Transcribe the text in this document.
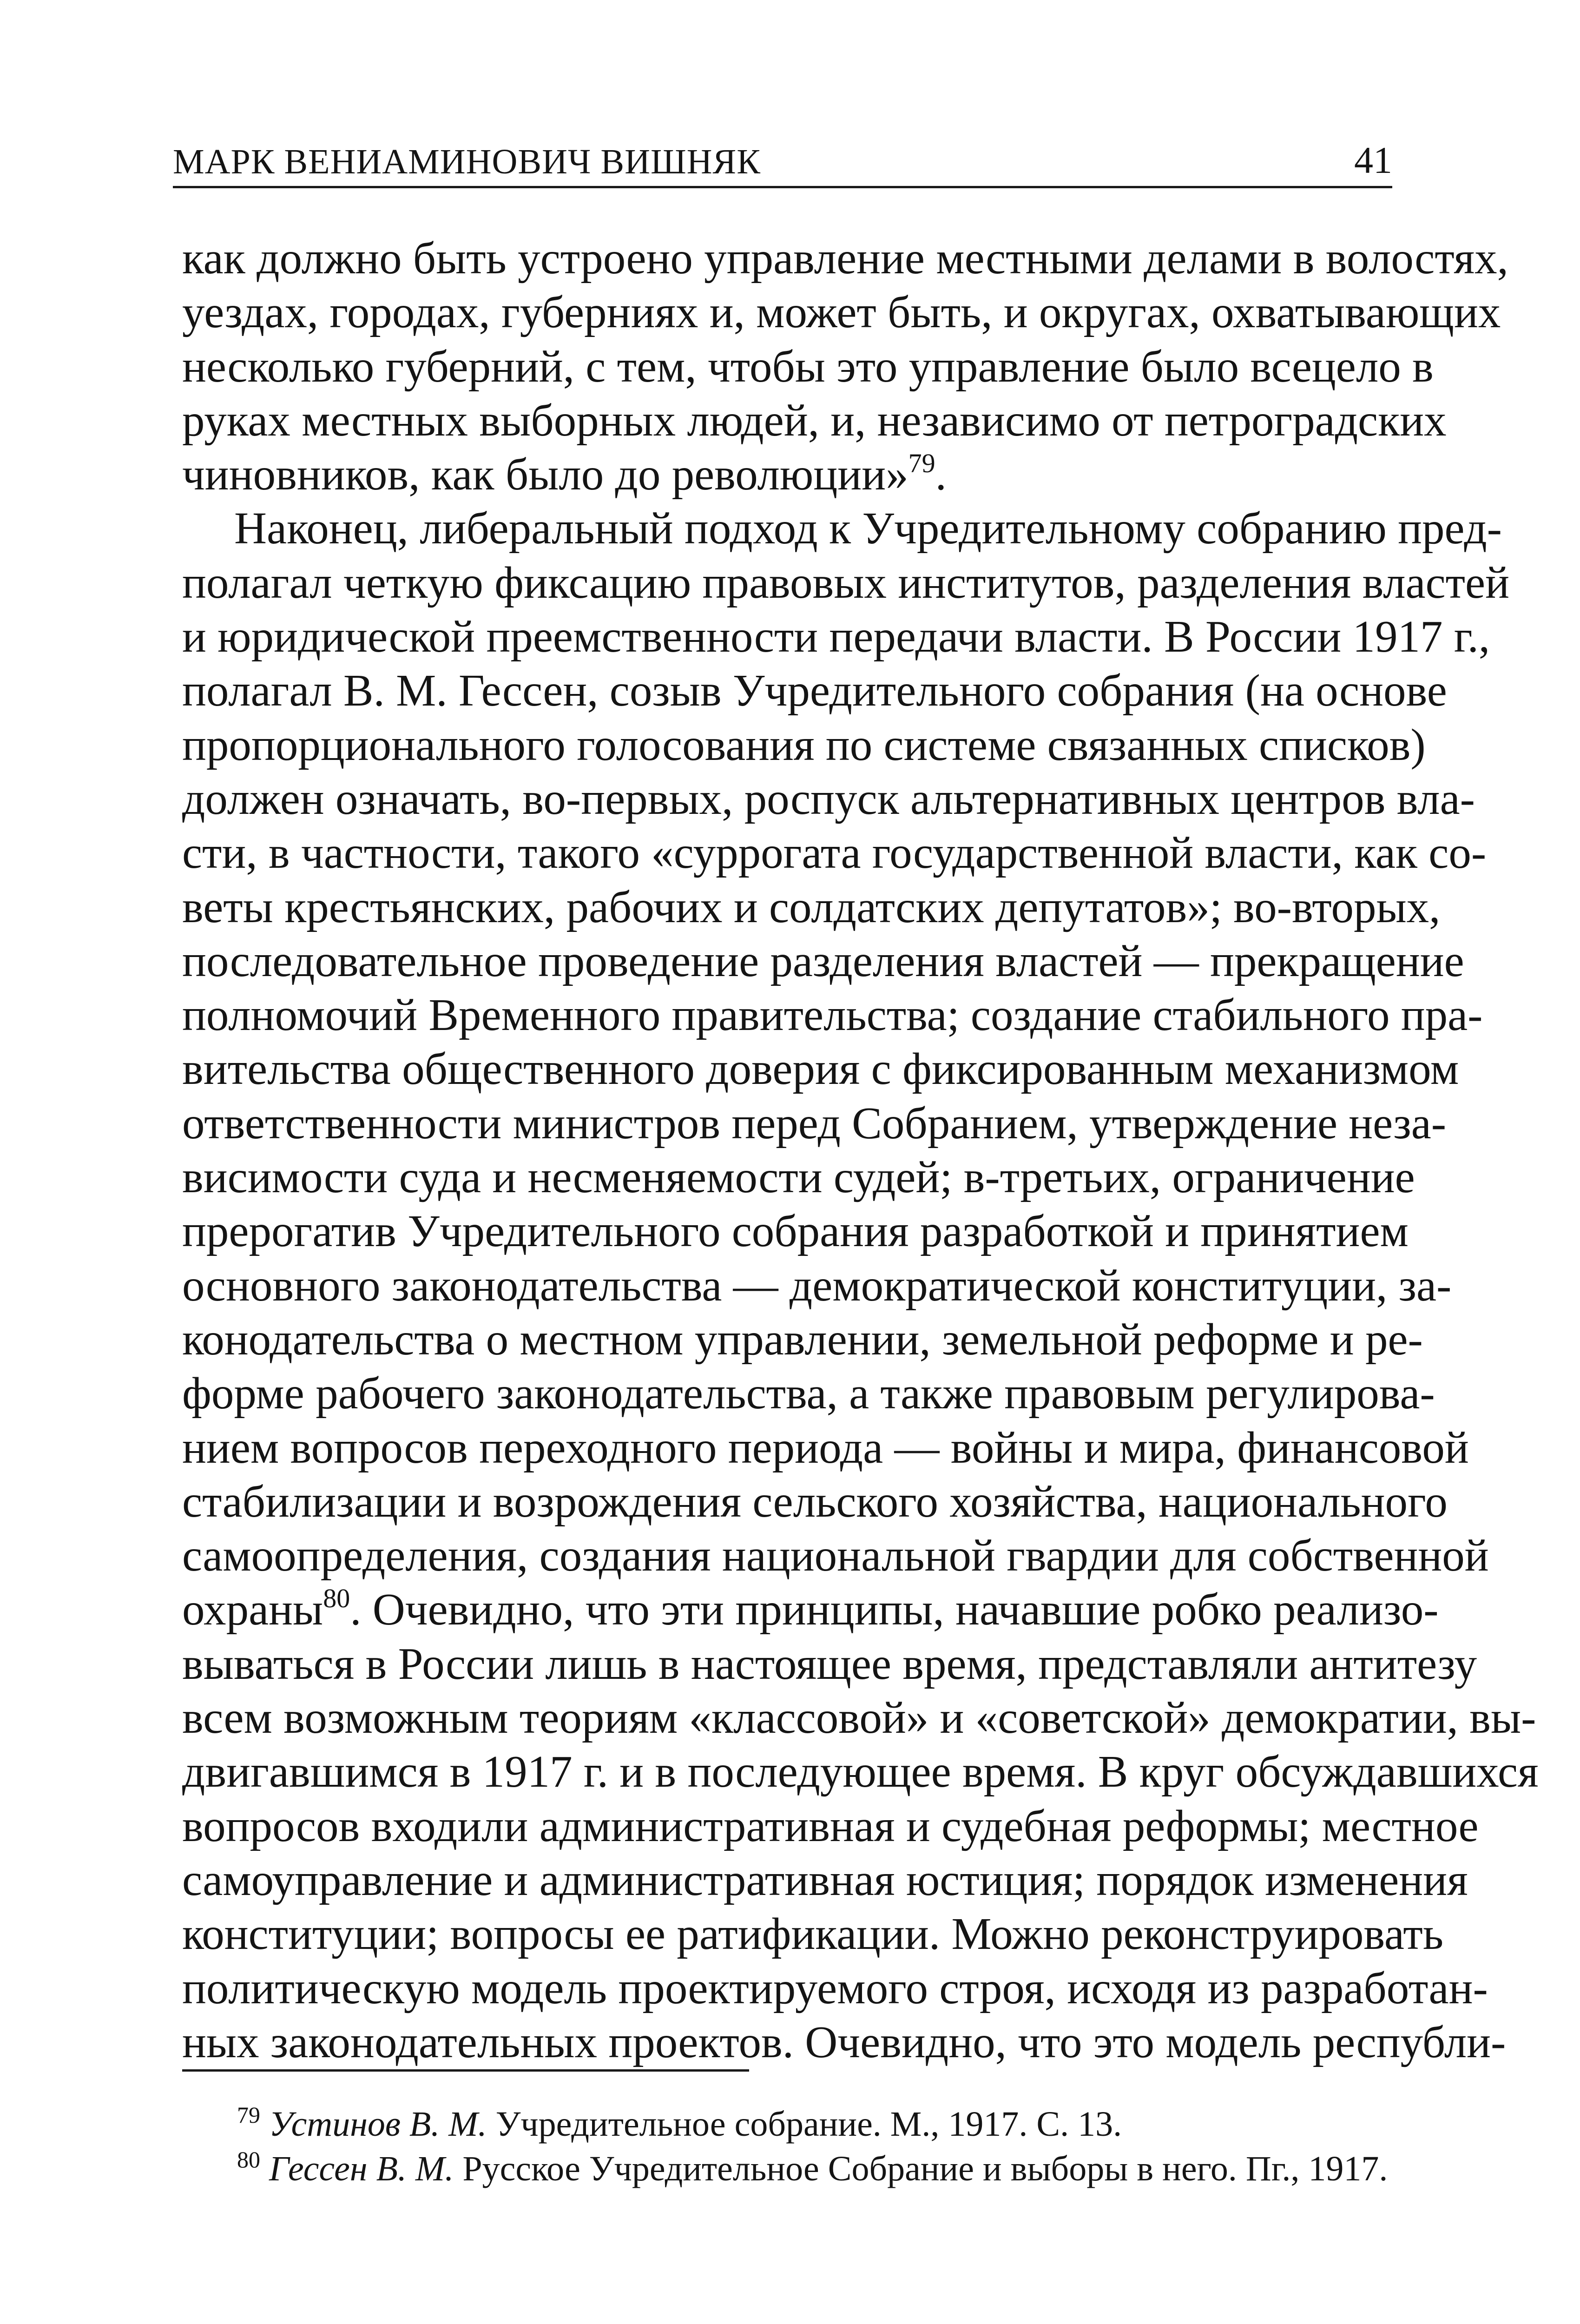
МАРК ВЕНИАМИНОВИЧ ВИШНЯК	41
как должно быть устроено управление местными делами в волостях,
уездах, городах, губерниях и, может быть, и округах, охватывающих
несколько губерний, с тем, чтобы это управление было всецело в
руках местных выборных людей, и, независимо от петроградских
чиновников, как было до революции»$^{79}$.
Наконец, либеральный подход к Учредительному собранию пред-
полагал четкую фиксацию правовых институтов, разделения властей
и юридической преемственности передачи власти. В России 1917 г.,
полагал В. М. Гессен, созыв Учредительного собрания (на основе
пропорционального голосования по системе связанных списков)
должен означать, во-первых, роспуск альтернативных центров вла-
сти, в частности, такого «суррогата государственной власти, как со-
веты крестьянских, рабочих и солдатских депутатов»; во-вторых,
последовательное проведение разделения властей — прекращение
полномочий Временного правительства; создание стабильного пра-
вительства общественного доверия с фиксированным механизмом
ответственности министров перед Собранием, утверждение неза-
висимости суда и несменяемости судей; в-третьих, ограничение
прерогатив Учредительного собрания разработкой и принятием
основного законодательства — демократической конституции, за-
конодательства о местном управлении, земельной реформе и ре-
форме рабочего законодательства, а также правовым регулирова-
нием вопросов переходного периода — войны и мира, финансовой
стабилизации и возрождения сельского хозяйства, национального
самоопределения, создания национальной гвардии для собственной
охраны$^{80}$. Очевидно, что эти принципы, начавшие робко реализо-
вываться в России лишь в настоящее время, представляли антитезу
всем возможным теориям «классовой» и «советской» демократии, вы-
двигавшимся в 1917 г. и в последующее время. В круг обсуждавшихся
вопросов входили административная и судебная реформы; местное
самоуправление и административная юстиция; порядок изменения
конституции; вопросы ее ратификации. Можно реконструировать
политическую модель проектируемого строя, исходя из разработан-
ных законодательных проектов. Очевидно, что это модель республи-
$^{79}$ Устинов В. М. Учредительное собрание. М., 1917. С. 13.
$^{80}$ Гессен В. М. Русское Учредительное Собрание и выборы в него. Пг., 1917.
